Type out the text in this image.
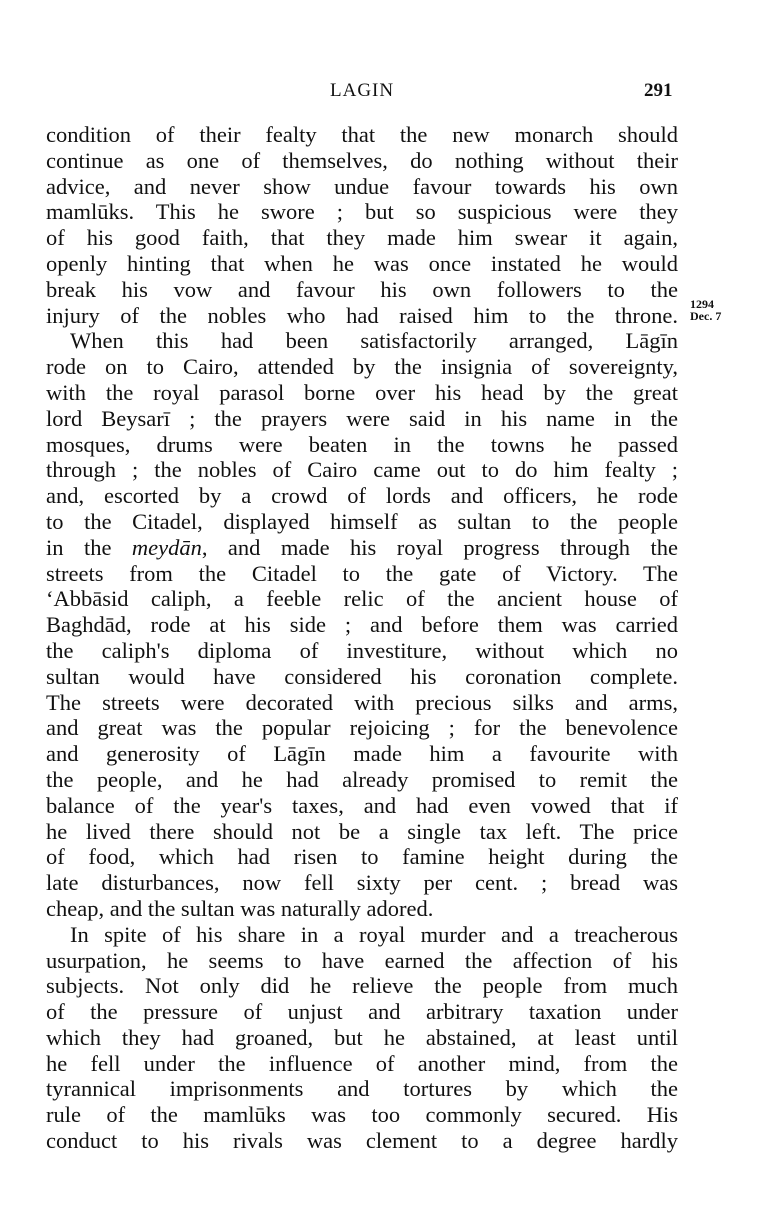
LAGIN	291
1294
Dec. 7
condition of their fealty that the new monarch should
continue as one of themselves, do nothing without their
advice, and never show undue favour towards his own
mamlūks. This he swore ; but so suspicious were they
of his good faith, that they made him swear it again,
openly hinting that when he was once instated he would
break his vow and favour his own followers to the
injury of the nobles who had raised him to the throne.
When this had been satisfactorily arranged, Lāgīn
rode on to Cairo, attended by the insignia of sovereignty,
with the royal parasol borne over his head by the great
lord Beysarī ; the prayers were said in his name in the
mosques, drums were beaten in the towns he passed
through ; the nobles of Cairo came out to do him fealty ;
and, escorted by a crowd of lords and officers, he rode
to the Citadel, displayed himself as sultan to the people
in the meydān, and made his royal progress through the
streets from the Citadel to the gate of Victory. The
‘Abbāsid caliph, a feeble relic of the ancient house of
Baghdād, rode at his side ; and before them was carried
the caliph's diploma of investiture, without which no
sultan would have considered his coronation complete.
The streets were decorated with precious silks and arms,
and great was the popular rejoicing ; for the benevolence
and generosity of Lāgīn made him a favourite with
the people, and he had already promised to remit the
balance of the year's taxes, and had even vowed that if
he lived there should not be a single tax left. The price
of food, which had risen to famine height during the
late disturbances, now fell sixty per cent. ; bread was
cheap, and the sultan was naturally adored.
In spite of his share in a royal murder and a treacherous
usurpation, he seems to have earned the affection of his
subjects. Not only did he relieve the people from much
of the pressure of unjust and arbitrary taxation under
which they had groaned, but he abstained, at least until
he fell under the influence of another mind, from the
tyrannical imprisonments and tortures by which the
rule of the mamlūks was too commonly secured. His
conduct to his rivals was clement to a degree hardly
